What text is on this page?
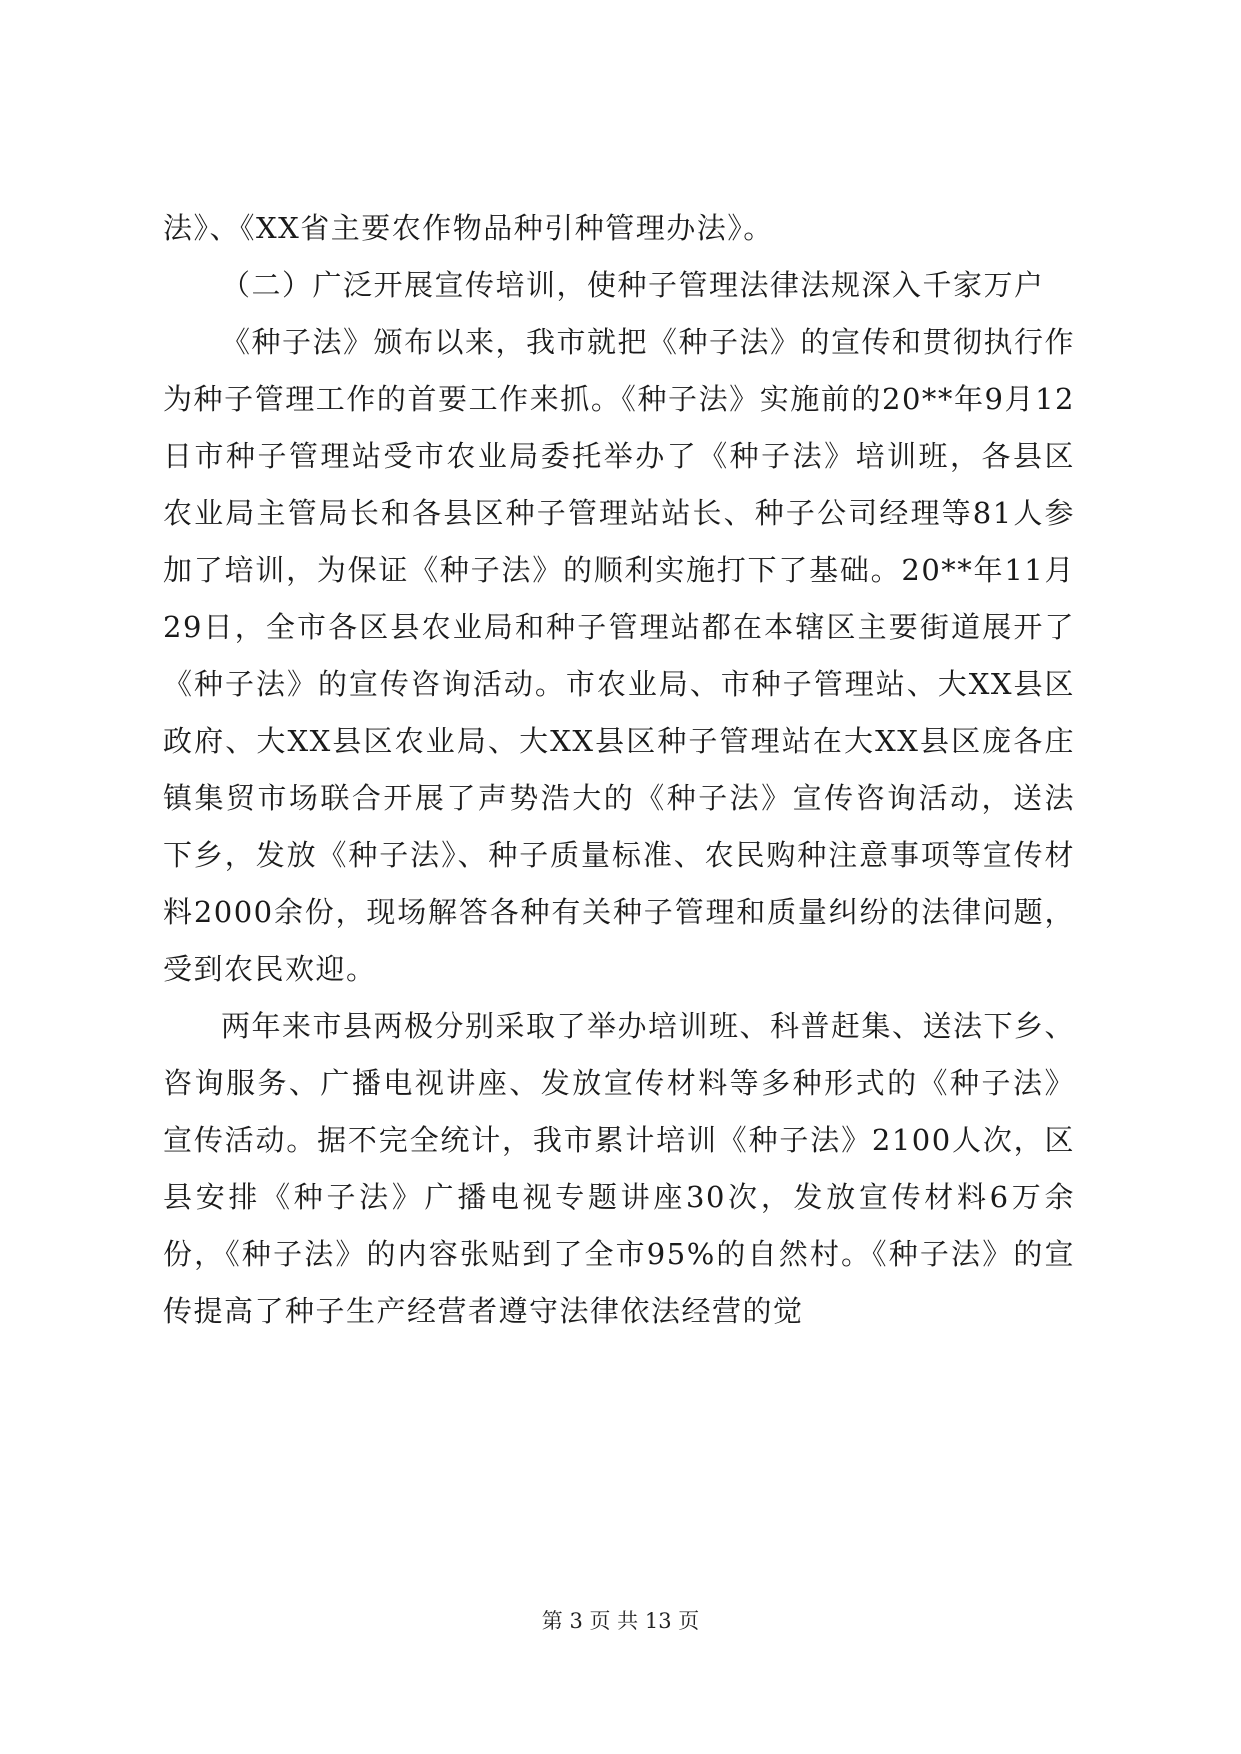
法》、《XX省主要农作物品种引种管理办法》。

（二）广泛开展宣传培训，使种子管理法律法规深入千家万户

《种子法》颁布以来，我市就把《种子法》的宣传和贯彻执行作为种子管理工作的首要工作来抓。《种子法》实施前的20**年9月12日市种子管理站受市农业局委托举办了《种子法》培训班，各县区农业局主管局长和各县区种子管理站站长、种子公司经理等81人参加了培训，为保证《种子法》的顺利实施打下了基础。20**年11月29日，全市各区县农业局和种子管理站都在本辖区主要街道展开了《种子法》的宣传咨询活动。市农业局、市种子管理站、大XX县区政府、大XX县区农业局、大XX县区种子管理站在大XX县区庞各庄镇集贸市场联合开展了声势浩大的《种子法》宣传咨询活动，送法下乡，发放《种子法》、种子质量标准、农民购种注意事项等宣传材料2000余份，现场解答各种有关种子管理和质量纠纷的法律问题，受到农民欢迎。

两年来市县两极分别采取了举办培训班、科普赶集、送法下乡、咨询服务、广播电视讲座、发放宣传材料等多种形式的《种子法》宣传活动。据不完全统计，我市累计培训《种子法》2100人次，区县安排《种子法》广播电视专题讲座30次，发放宣传材料6万余份，《种子法》的内容张贴到了全市95%的自然村。《种子法》的宣传提高了种子生产经营者遵守法律依法经营的觉

第 3 页 共 13 页
